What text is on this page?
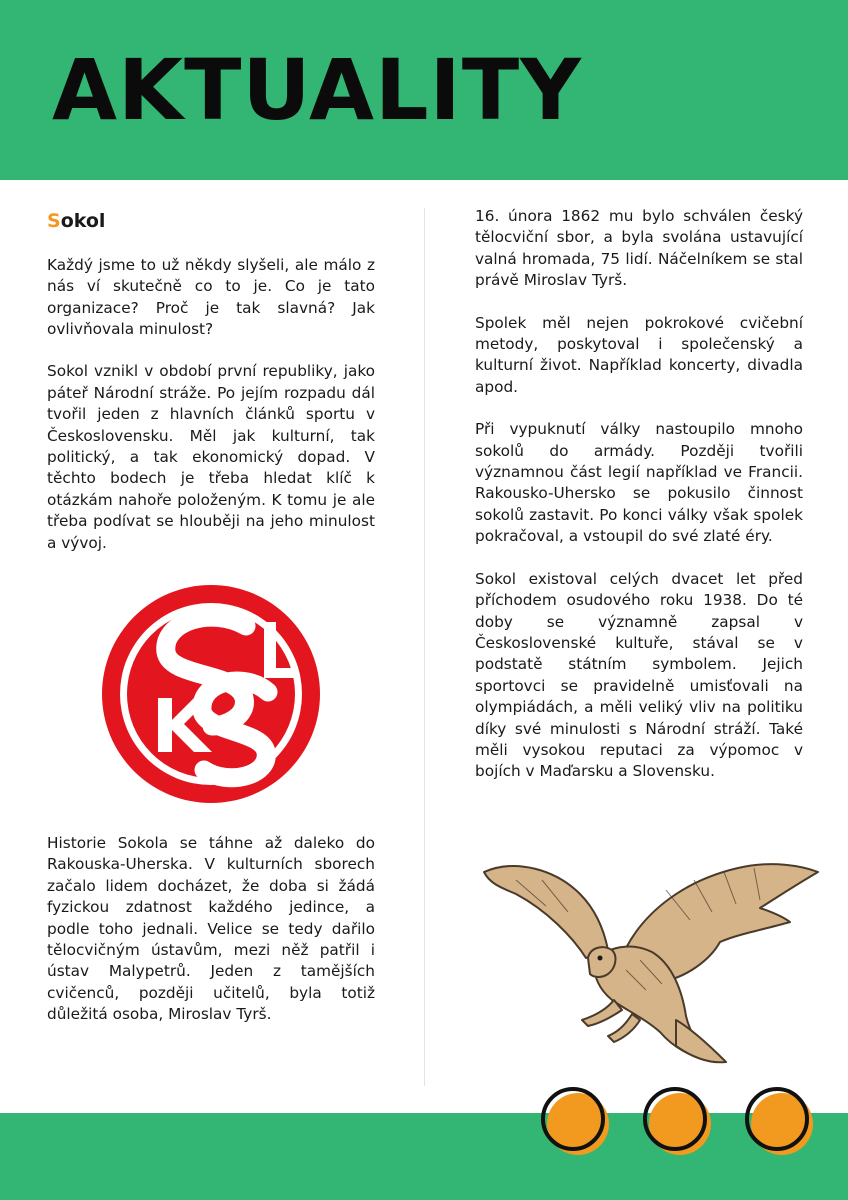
AKTUALITY
Sokol

Každý jsme to už někdy slyšeli, ale málo z nás ví skutečně co to je. Co je tato organizace? Proč je tak slavná? Jak ovlivňovala minulost?

Sokol vznikl v období první republiky, jako páteř Národní stráže. Po jejím rozpadu dál tvořil jeden z hlavních článků sportu v Československu. Měl jak kulturní, tak politický, a tak ekonomický dopad. V těchto bodech je třeba hledat klíč k otázkám nahoře položeným. K tomu je ale třeba podívat se hlouběji na jeho minulost a vývoj.

Historie Sokola se táhne až daleko do Rakouska-Uherska. V kulturních sborech začalo lidem docházet, že doba si žádá fyzickou zdatnost každého jedince, a podle toho jednali. Velice se tedy dařilo tělocvičným ústavům, mezi něž patřil i ústav Malypetrů. Jeden z tamějších cvičenců, později učitelů, byla totiž důležitá osoba, Miroslav Tyrš.

16. února 1862 mu bylo schválen český tělocviční sbor, a byla svolána ustavující valná hromada, 75 lidí. Náčelníkem se stal právě Miroslav Tyrš.

Spolek měl nejen pokrokové cvičební metody, poskytoval i společenský a kulturní život. Například koncerty, divadla apod.

Při vypuknutí války nastoupilo mnoho sokolů do armády. Později tvořili významnou část legií například ve Francii. Rakousko-Uhersko se pokusilo činnost sokolů zastavit. Po konci války však spolek pokračoval, a vstoupil do své zlaté éry.

Sokol existoval celých dvacet let před příchodem osudového roku 1938. Do té doby se významně zapsal v Československé kultuře, stával se v podstatě státním symbolem. Jejich sportovci se pravidelně umisťovali na olympiádách, a měli veliký vliv na politiku díky své minulosti s Národní stráží. Také měli vysokou reputaci za výpomoc v bojích v Maďarsku a Slovensku.
